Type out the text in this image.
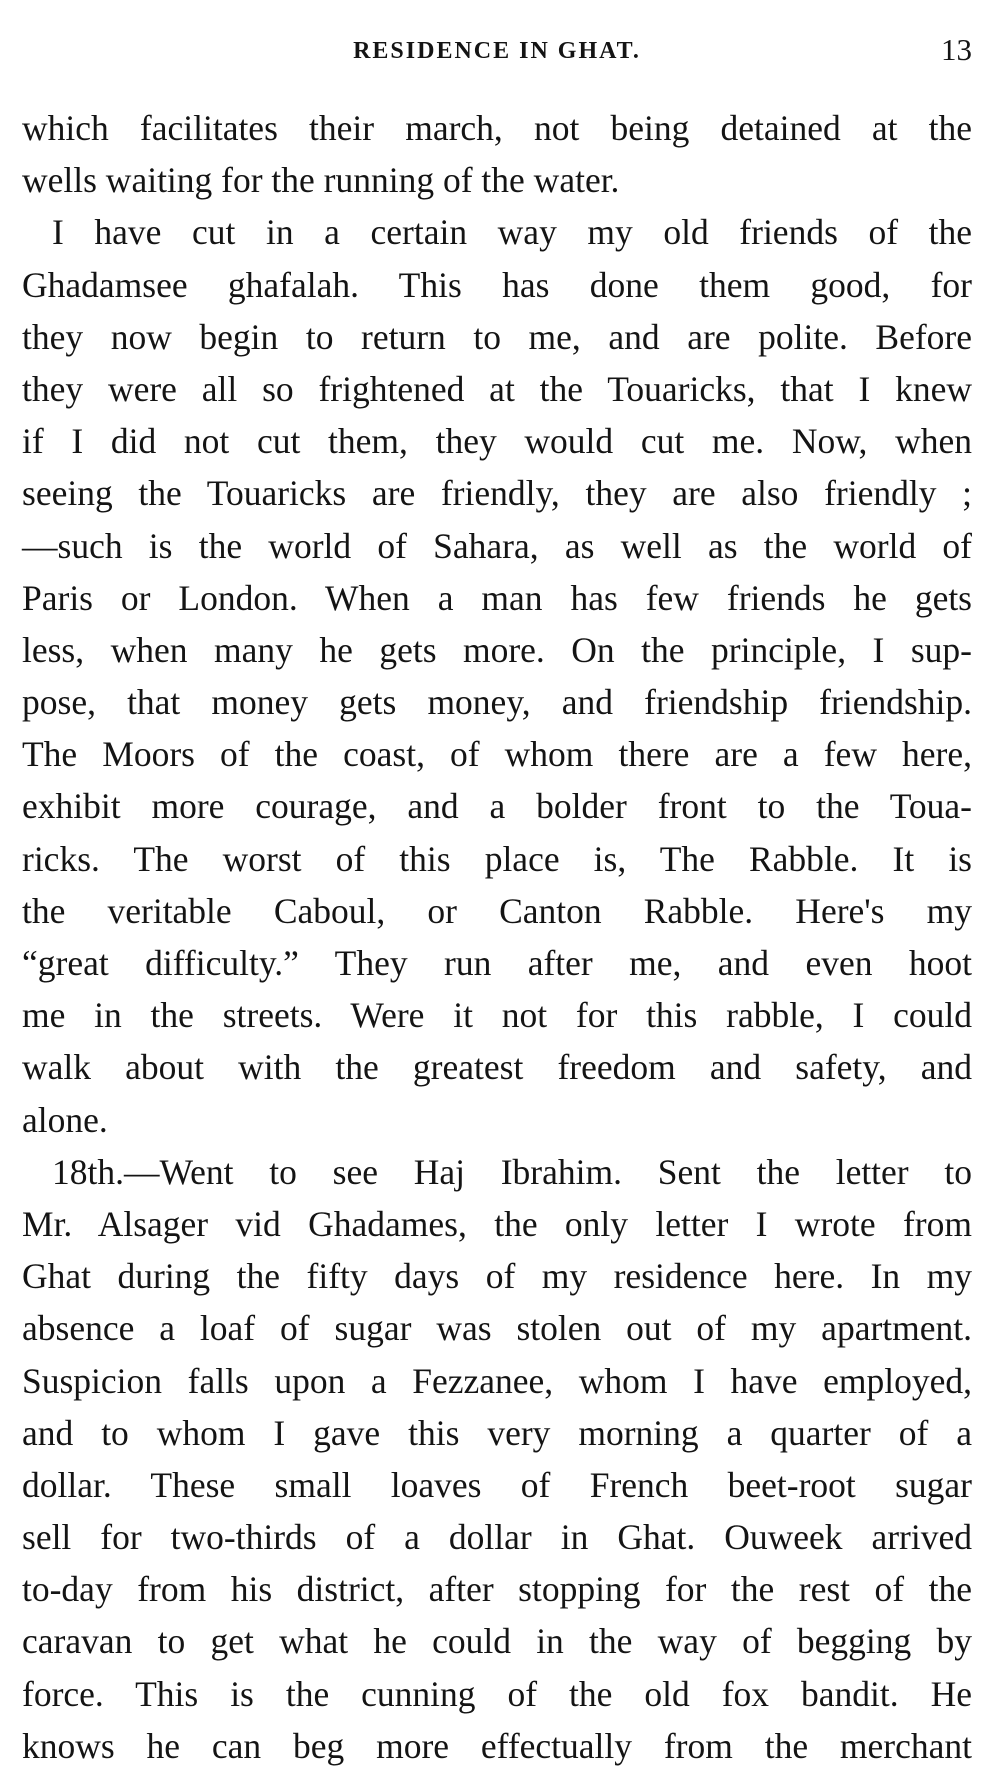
RESIDENCE IN GHAT.	13
which facilitates their march, not being detained at the
wells waiting for the running of the water.
I have cut in a certain way my old friends of the
Ghadamsee ghafalah. This has done them good, for
they now begin to return to me, and are polite. Before
they were all so frightened at the Touaricks, that I knew
if I did not cut them, they would cut me. Now, when
seeing the Touaricks are friendly, they are also friendly ;
—such is the world of Sahara, as well as the world of
Paris or London. When a man has few friends he gets
less, when many he gets more. On the principle, I sup-
pose, that money gets money, and friendship friendship.
The Moors of the coast, of whom there are a few here,
exhibit more courage, and a bolder front to the Toua-
ricks. The worst of this place is, The Rabble. It is
the veritable Caboul, or Canton Rabble. Here's my
“great difficulty.” They run after me, and even hoot
me in the streets. Were it not for this rabble, I could
walk about with the greatest freedom and safety, and
alone.
18th.—Went to see Haj Ibrahim. Sent the letter to
Mr. Alsager vid Ghadames, the only letter I wrote from
Ghat during the fifty days of my residence here. In my
absence a loaf of sugar was stolen out of my apartment.
Suspicion falls upon a Fezzanee, whom I have employed,
and to whom I gave this very morning a quarter of a
dollar. These small loaves of French beet-root sugar
sell for two-thirds of a dollar in Ghat. Ouweek arrived
to-day from his district, after stopping for the rest of the
caravan to get what he could in the way of begging by
force. This is the cunning of the old fox bandit. He
knows he can beg more effectually from the merchant
